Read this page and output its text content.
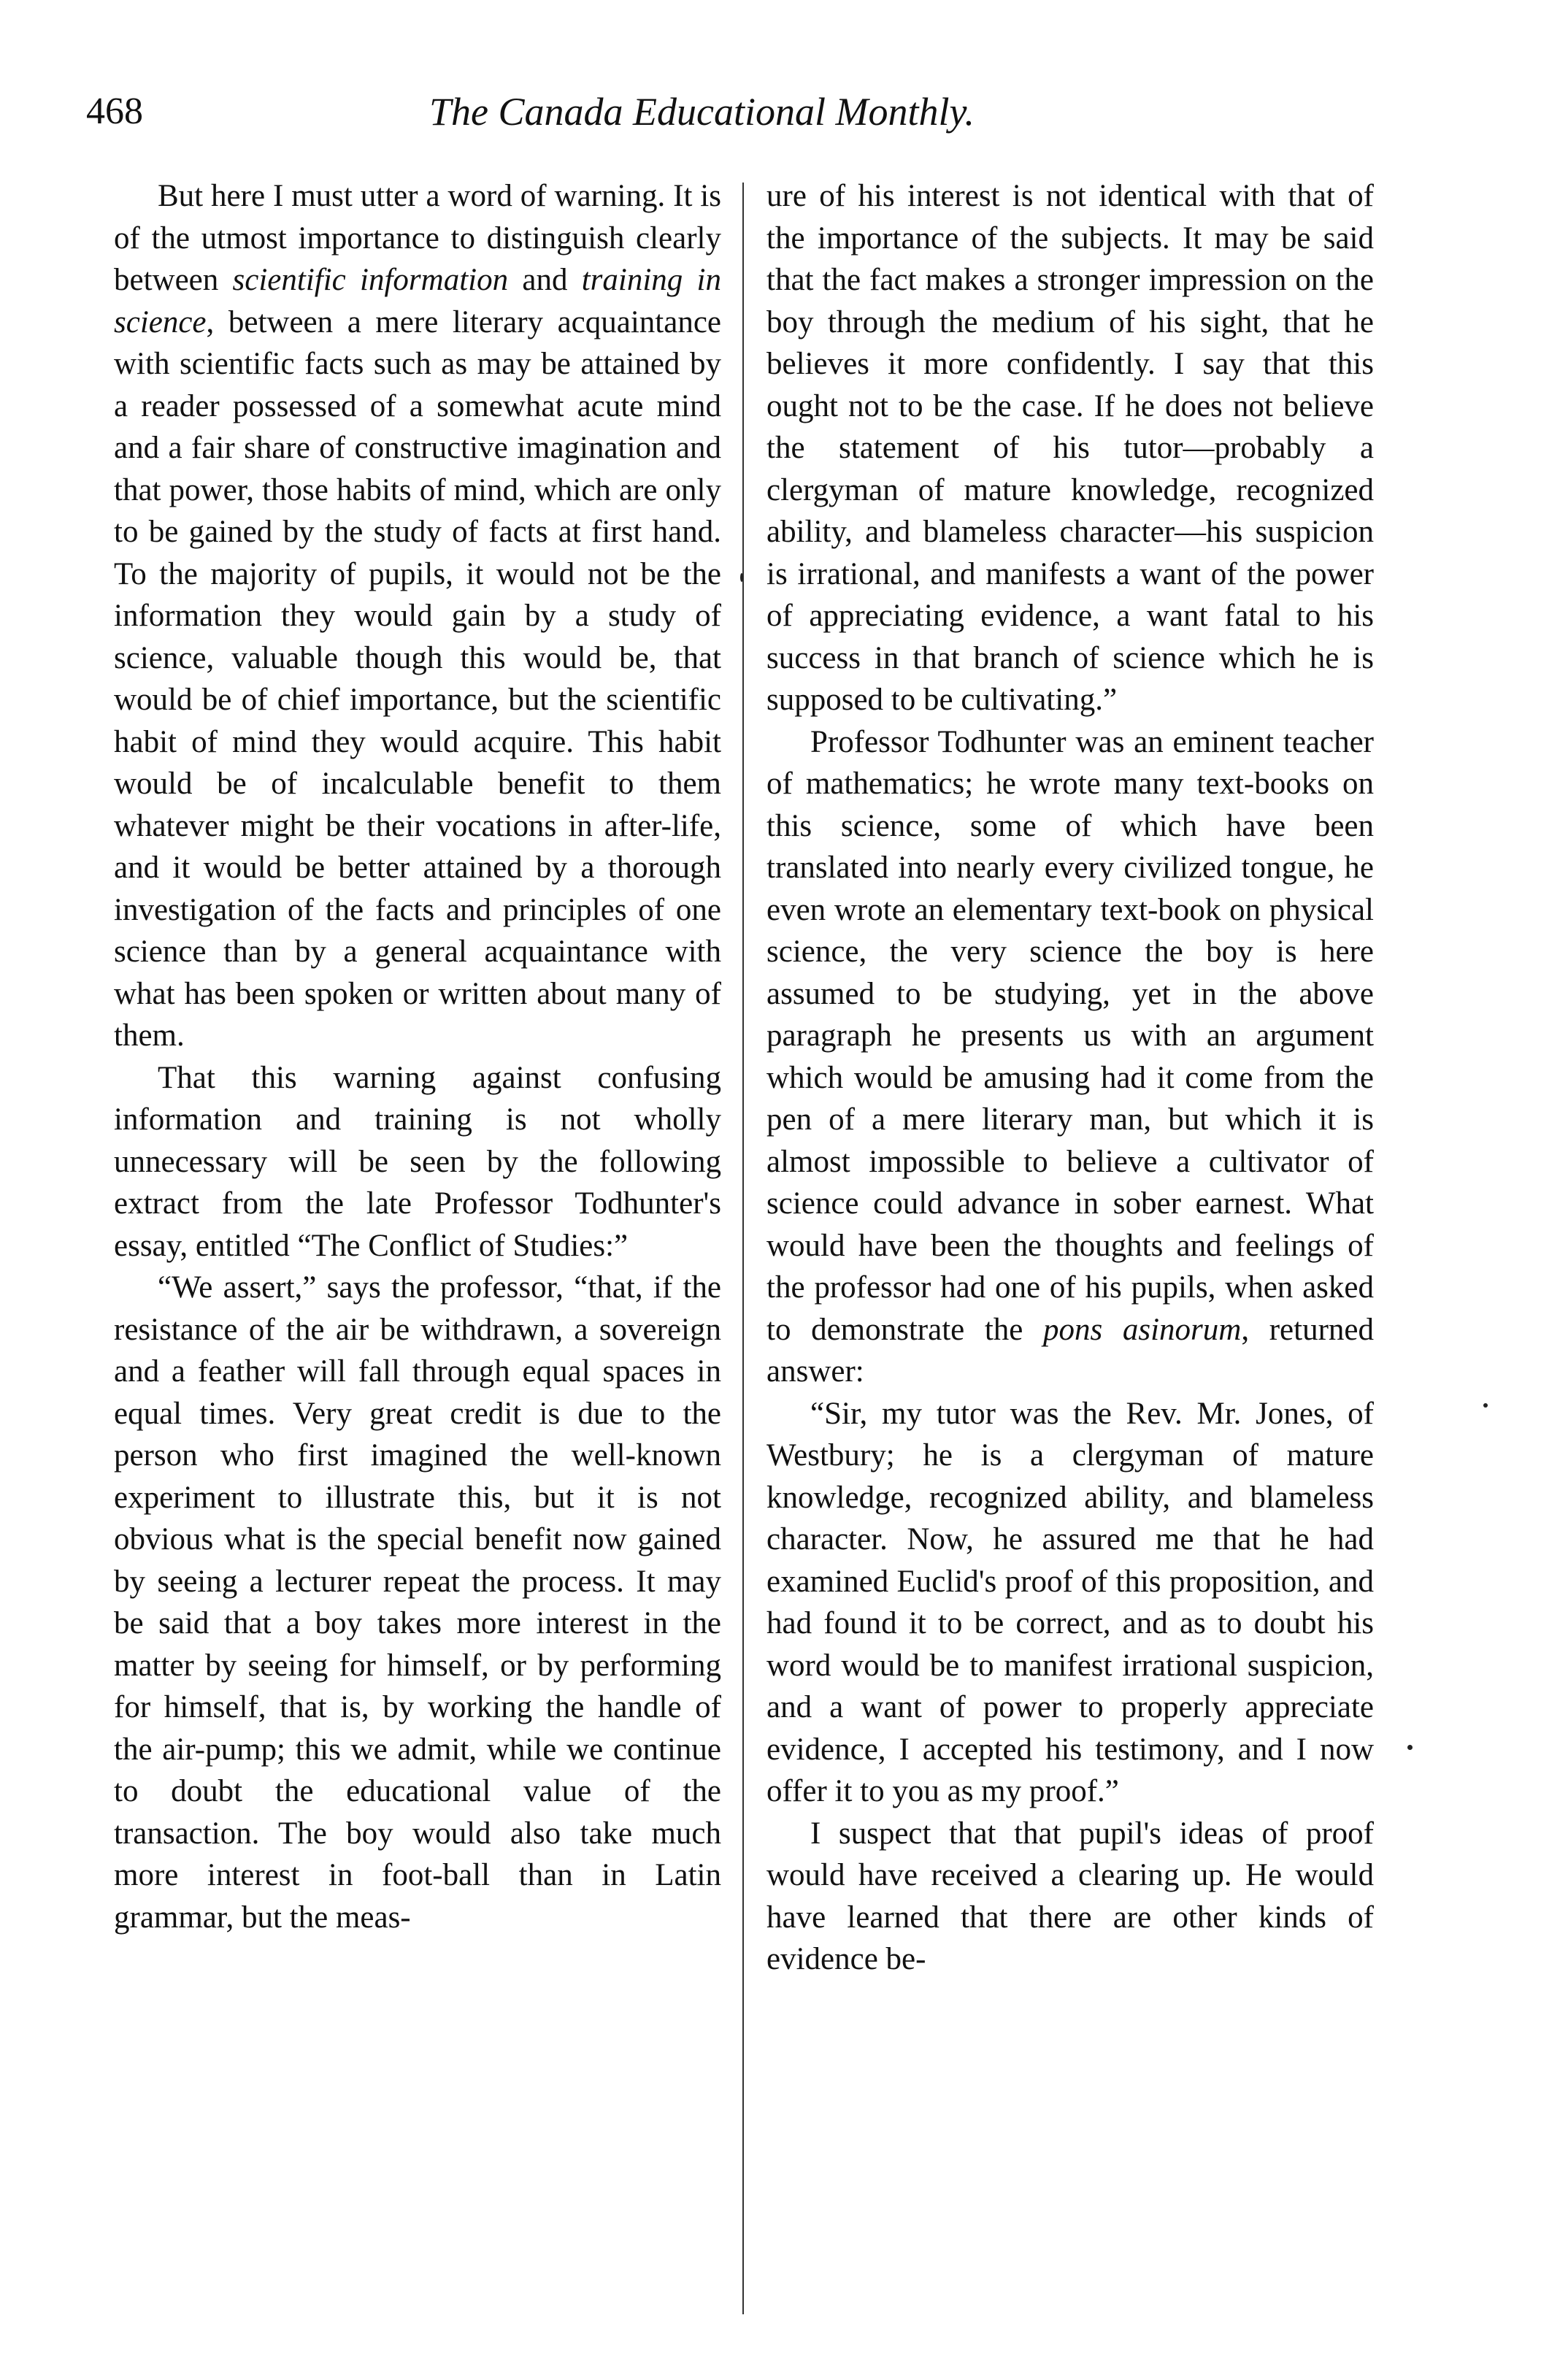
468	The Canada Educational Monthly.

But here I must utter a word of warning. It is of the utmost importance to distinguish clearly between scientific information and training in science, between a mere literary acquaintance with scientific facts such as may be attained by a reader possessed of a somewhat acute mind and a fair share of constructive imagination and that power, those habits of mind, which are only to be gained by the study of facts at first hand. To the majority of pupils, it would not be the information they would gain by a study of science, valuable though this would be, that would be of chief importance, but the scientific habit of mind they would acquire. This habit would be of incalculable benefit to them whatever might be their vocations in after-life, and it would be better attained by a thorough investigation of the facts and principles of one science than by a general acquaintance with what has been spoken or written about many of them.

That this warning against confusing information and training is not wholly unnecessary will be seen by the following extract from the late Professor Todhunter's essay, entitled “The Conflict of Studies:”

“We assert,” says the professor, “that, if the resistance of the air be withdrawn, a sovereign and a feather will fall through equal spaces in equal times. Very great credit is due to the person who first imagined the well-known experiment to illustrate this, but it is not obvious what is the special benefit now gained by seeing a lecturer repeat the process. It may be said that a boy takes more interest in the matter by seeing for himself, or by performing for himself, that is, by working the handle of the air-pump; this we admit, while we continue to doubt the educational value of the transaction. The boy would also take much more interest in foot-ball than in Latin grammar, but the meas-

ure of his interest is not identical with that of the importance of the subjects. It may be said that the fact makes a stronger impression on the boy through the medium of his sight, that he believes it more confidently. I say that this ought not to be the case. If he does not believe the statement of his tutor—probably a clergyman of mature knowledge, recognized ability, and blameless character—his suspicion is irrational, and manifests a want of the power of appreciating evidence, a want fatal to his success in that branch of science which he is supposed to be cultivating.”

Professor Todhunter was an eminent teacher of mathematics; he wrote many text-books on this science, some of which have been translated into nearly every civilized tongue, he even wrote an elementary text-book on physical science, the very science the boy is here assumed to be studying, yet in the above paragraph he presents us with an argument which would be amusing had it come from the pen of a mere literary man, but which it is almost impossible to believe a cultivator of science could advance in sober earnest. What would have been the thoughts and feelings of the professor had one of his pupils, when asked to demonstrate the pons asinorum, returned answer:

“Sir, my tutor was the Rev. Mr. Jones, of Westbury; he is a clergyman of mature knowledge, recognized ability, and blameless character. Now, he assured me that he had examined Euclid's proof of this proposition, and had found it to be correct, and as to doubt his word would be to manifest irrational suspicion, and a want of power to properly appreciate evidence, I accepted his testimony, and I now offer it to you as my proof.”

I suspect that that pupil's ideas of proof would have received a clearing up. He would have learned that there are other kinds of evidence be-
